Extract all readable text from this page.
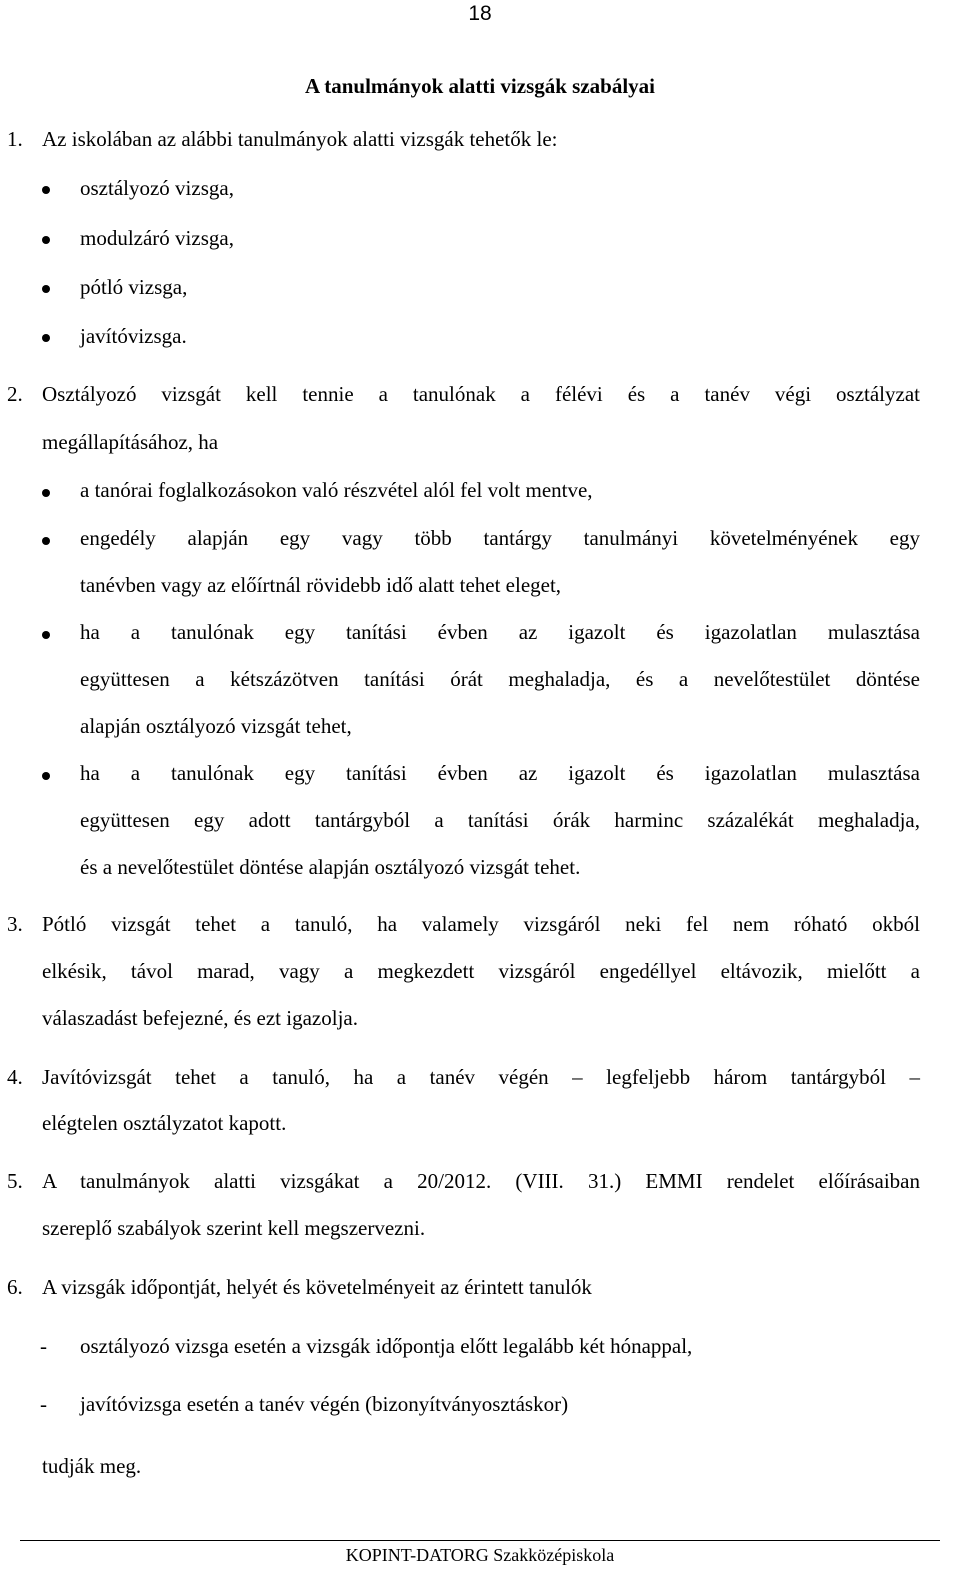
18
A tanulmányok alatti vizsgák szabályai
1. Az iskolában az alábbi tanulmányok alatti vizsgák tehetők le:
osztályozó vizsga,
modulzáró vizsga,
pótló vizsga,
javítóvizsga.
2. Osztályozó vizsgát kell tennie a tanulónak a félévi és a tanév végi osztályzat
megállapításához, ha
a tanórai foglalkozásokon való részvétel alól fel volt mentve,
engedély alapján egy vagy több tantárgy tanulmányi követelményének egy
tanévben vagy az előírtnál rövidebb idő alatt tehet eleget,
ha a tanulónak egy tanítási évben az igazolt és igazolatlan mulasztása
együttesen a kétszázötven tanítási órát meghaladja, és a nevelőtestület döntése
alapján osztályozó vizsgát tehet,
ha a tanulónak egy tanítási évben az igazolt és igazolatlan mulasztása
együttesen egy adott tantárgyból a tanítási órák harminc százalékát meghaladja,
és a nevelőtestület döntése alapján osztályozó vizsgát tehet.
3. Pótló vizsgát tehet a tanuló, ha valamely vizsgáról neki fel nem róható okból
elkésik, távol marad, vagy a megkezdett vizsgáról engedéllyel eltávozik, mielőtt a
válaszadást befejezné, és ezt igazolja.
4. Javítóvizsgát tehet a tanuló, ha a tanév végén – legfeljebb három tantárgyból –
elégtelen osztályzatot kapott.
5. A tanulmányok alatti vizsgákat a 20/2012. (VIII. 31.) EMMI rendelet előírásaiban
szereplő szabályok szerint kell megszervezni.
6. A vizsgák időpontját, helyét és követelményeit az érintett tanulók
- osztályozó vizsga esetén a vizsgák időpontja előtt legalább két hónappal,
- javítóvizsga esetén a tanév végén (bizonyítványosztáskor)
tudják meg.
KOPINT-DATORG Szakközépiskola
